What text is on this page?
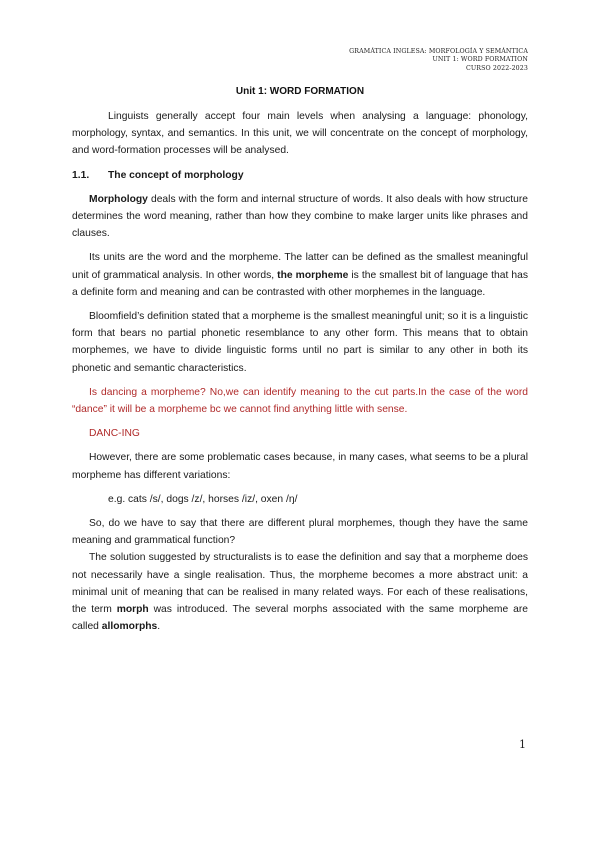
GRAMÁTICA INGLESA: MORFOLOGÍA Y SEMÁNTICA
UNIT 1: WORD FORMATION
CURSO 2022-2023
Unit 1: WORD FORMATION

Linguists generally accept four main levels when analysing a language: phonology, morphology, syntax, and semantics. In this unit, we will concentrate on the concept of morphology, and word-formation processes will be analysed.

1.1. The concept of morphology

Morphology deals with the form and internal structure of words. It also deals with how structure determines the word meaning, rather than how they combine to make larger units like phrases and clauses.

Its units are the word and the morpheme. The latter can be defined as the smallest meaningful unit of grammatical analysis. In other words, the morpheme is the smallest bit of language that has a definite form and meaning and can be contrasted with other morphemes in the language.

Bloomfield’s definition stated that a morpheme is the smallest meaningful unit; so it is a linguistic form that bears no partial phonetic resemblance to any other form. This means that to obtain morphemes, we have to divide linguistic forms until no part is similar to any other in both its phonetic and semantic characteristics.

Is dancing a morpheme? No,we can identify meaning to the cut parts.In the case of the word “dance” it will be a morpheme bc we cannot find anything little with sense.

DANC-ING

However, there are some problematic cases because, in many cases, what seems to be a plural morpheme has different variations:

e.g. cats /s/, dogs /z/, horses /iz/, oxen /ŋ/

So, do we have to say that there are different plural morphemes, though they have the same meaning and grammatical function?

The solution suggested by structuralists is to ease the definition and say that a morpheme does not necessarily have a single realisation. Thus, the morpheme becomes a more abstract unit: a minimal unit of meaning that can be realised in many related ways. For each of these realisations, the term morph was introduced. The several morphs associated with the same morpheme are called allomorphs.

1
